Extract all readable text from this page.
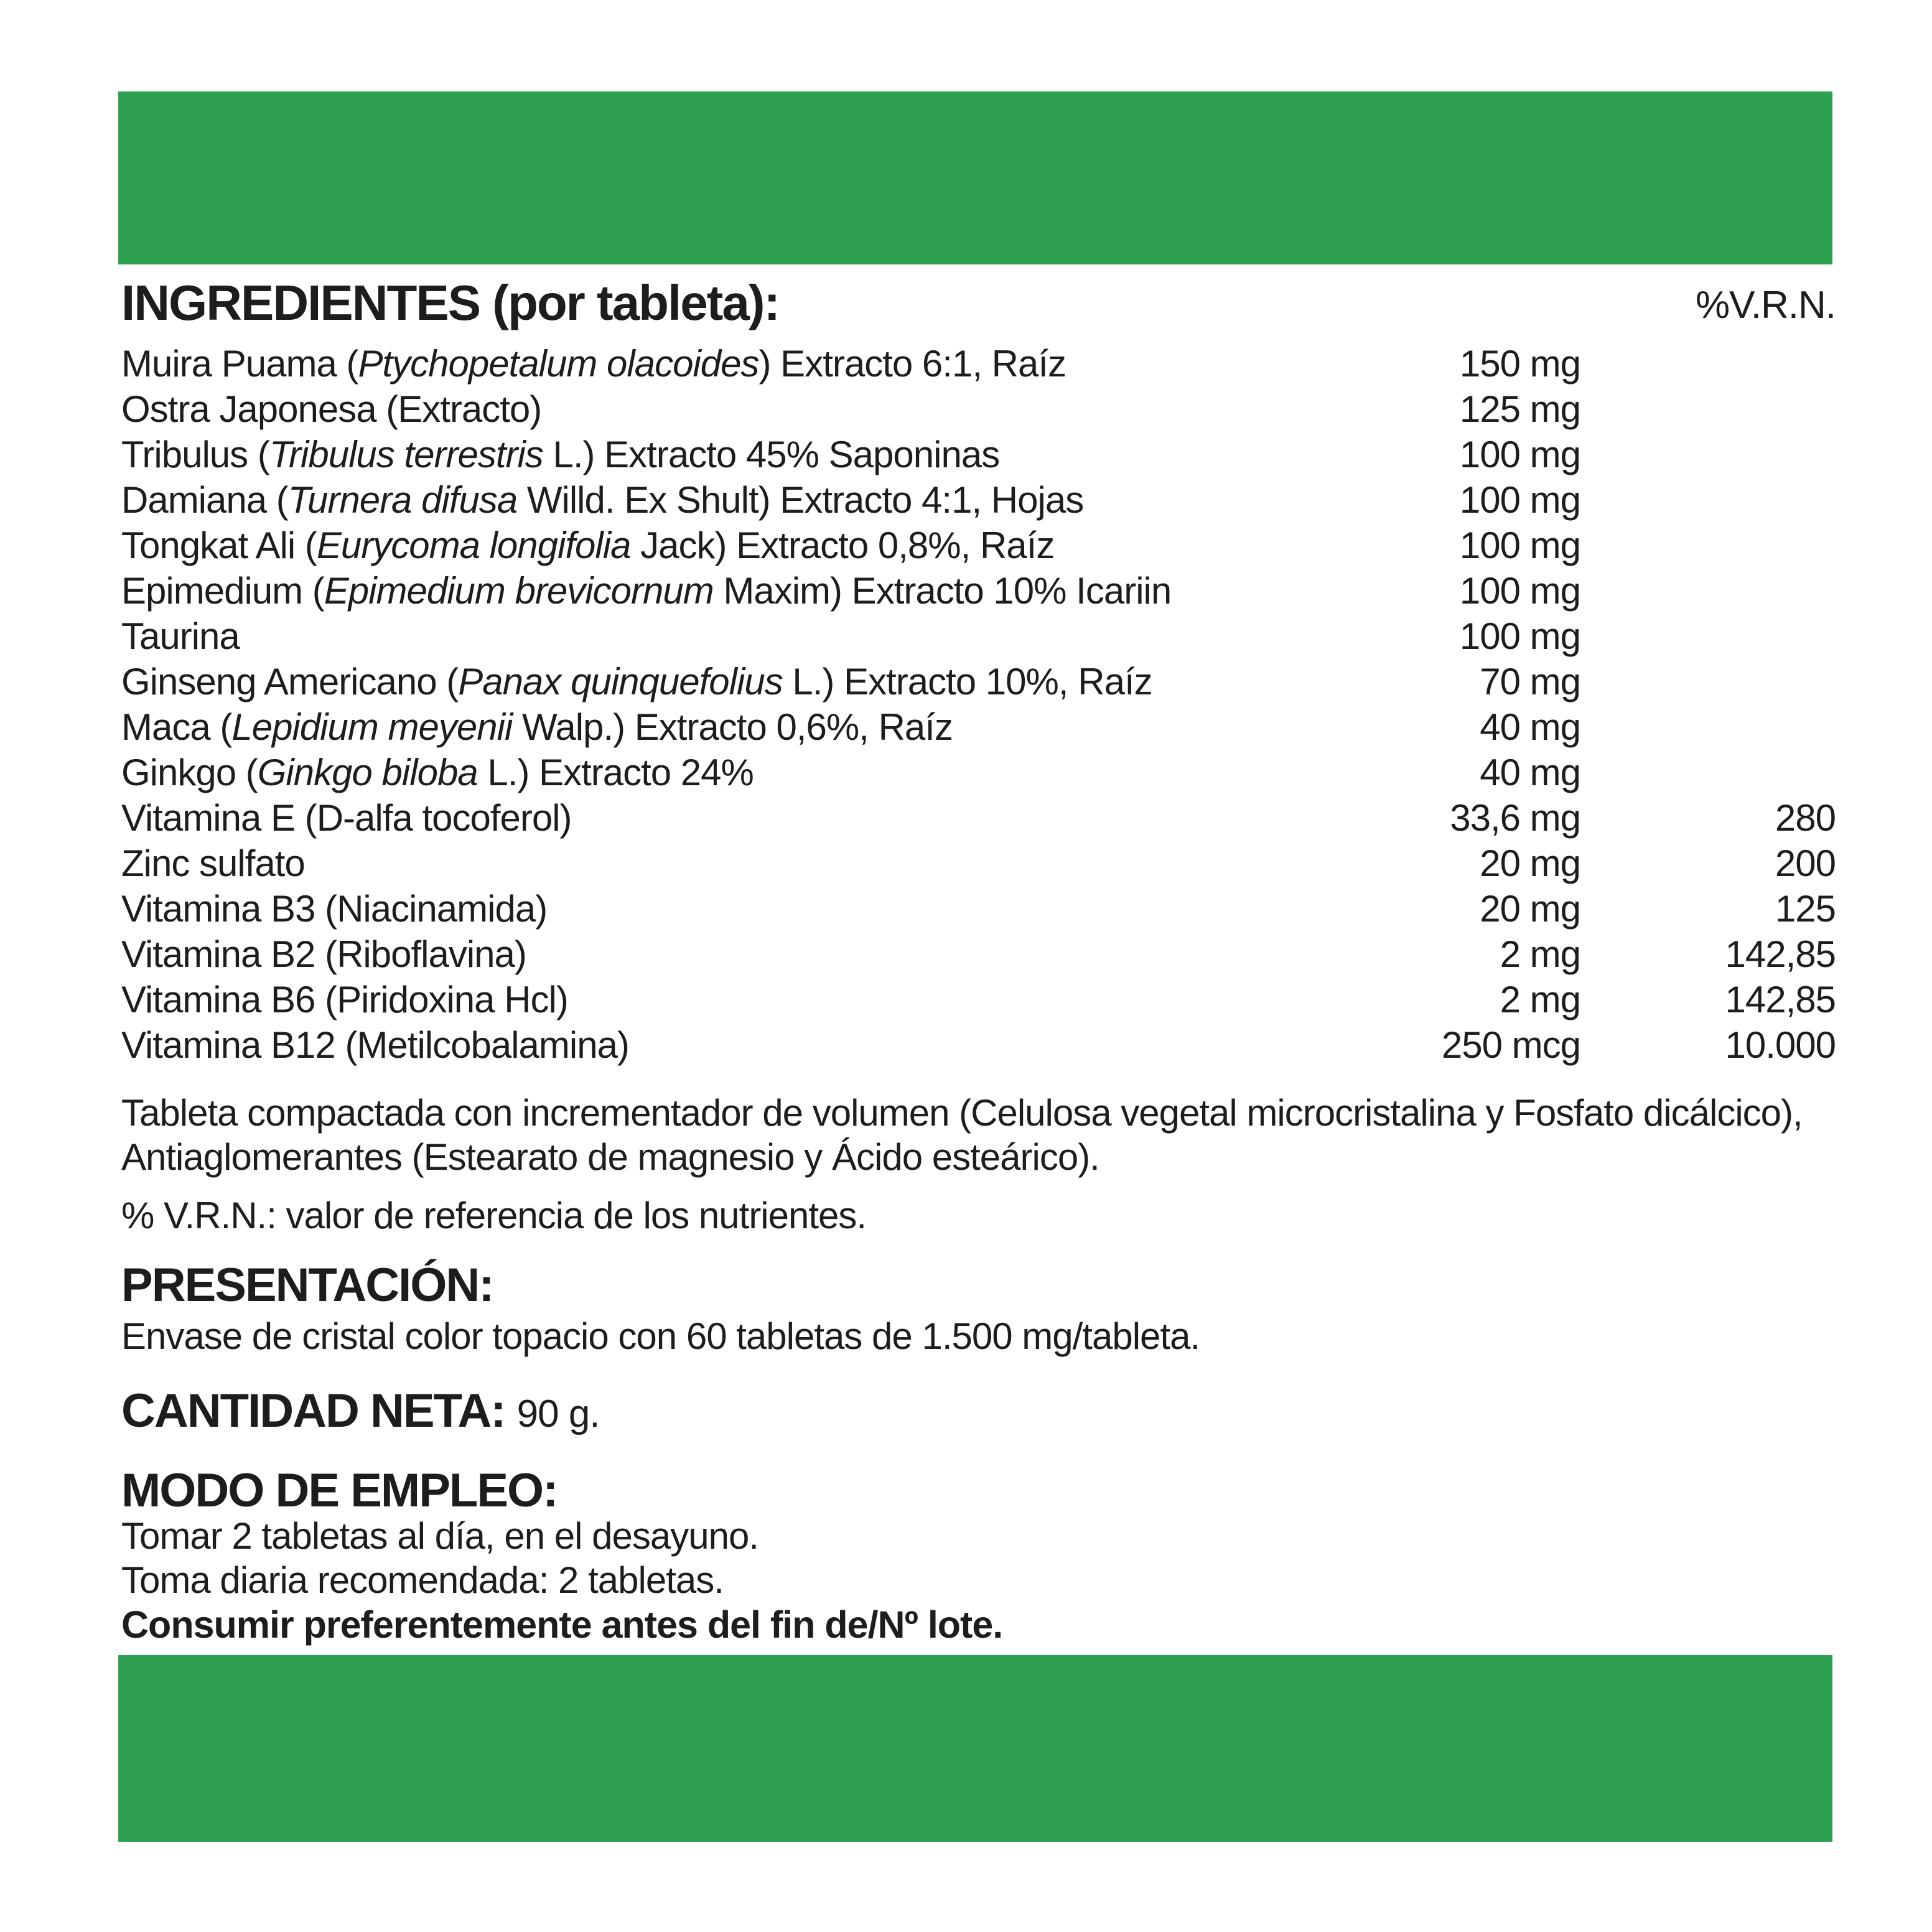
INGREDIENTES (por tableta):	%V.R.N.
Muira Puama (Ptychopetalum olacoides) Extracto 6:1, Raíz	150 mg
Ostra Japonesa (Extracto)	125 mg
Tribulus (Tribulus terrestris L.) Extracto 45% Saponinas	100 mg
Damiana (Turnera difusa Willd. Ex Shult) Extracto 4:1, Hojas	100 mg
Tongkat Ali (Eurycoma longifolia Jack) Extracto 0,8%, Raíz	100 mg
Epimedium (Epimedium brevicornum Maxim) Extracto 10% Icariin	100 mg
Taurina	100 mg
Ginseng Americano (Panax quinquefolius L.) Extracto 10%, Raíz	70 mg
Maca (Lepidium meyenii Walp.) Extracto 0,6%, Raíz	40 mg
Ginkgo (Ginkgo biloba L.) Extracto 24%	40 mg
Vitamina E (D-alfa tocoferol)	33,6 mg	280
Zinc sulfato	20 mg	200
Vitamina B3 (Niacinamida)	20 mg	125
Vitamina B2 (Riboflavina)	2 mg	142,85
Vitamina B6 (Piridoxina Hcl)	2 mg	142,85
Vitamina B12 (Metilcobalamina)	250 mcg	10.000
Tableta compactada con incrementador de volumen (Celulosa vegetal microcristalina y Fosfato dicálcico), Antiaglomerantes (Estearato de magnesio y Ácido esteárico).
% V.R.N.: valor de referencia de los nutrientes.
PRESENTACIÓN:
Envase de cristal color topacio con 60 tabletas de 1.500 mg/tableta.
CANTIDAD NETA: 90 g.
MODO DE EMPLEO:
Tomar 2 tabletas al día, en el desayuno.
Toma diaria recomendada: 2 tabletas.
Consumir preferentemente antes del fin de/Nº lote.
